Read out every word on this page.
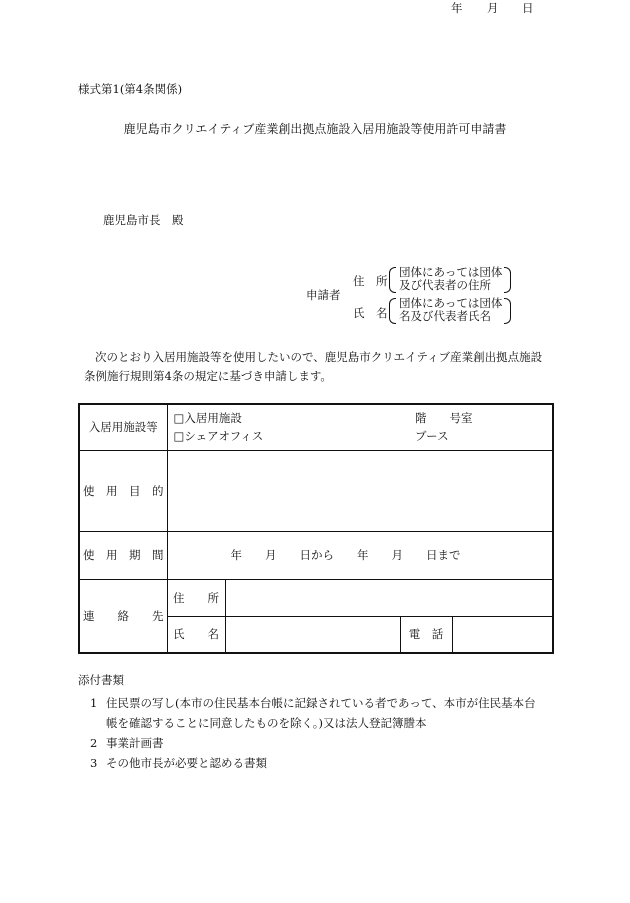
様式第1(第4条関係)
鹿児島市クリエイティブ産業創出拠点施設入居用施設等使用許可申請書
年 月 日
鹿児島市長　殿
申請者
住　所
団体にあっては団体
及び代表者の住所
氏　名
団体にあっては団体
名及び代表者氏名
次のとおり入居用施設等を使用したいので、鹿児島市クリエイティブ産業創出拠点施設
条例施行規則第4条の規定に基づき申請します。
入居用施設等	□入居用施設 階　　号室
□シェアオフィス ブース			

使　用　目　的				
使　用　期　間	年　　月　　日から　　年　　月　　日まで			
連　　絡　　先	住　　所			
	氏　　名		電　話	
添付書類
1 住民票の写し(本市の住民基本台帳に記録されている者であって、本市が住民基本台
帳を確認することに同意したものを除く。)又は法人登記簿謄本
2 事業計画書
3 その他市長が必要と認める書類
